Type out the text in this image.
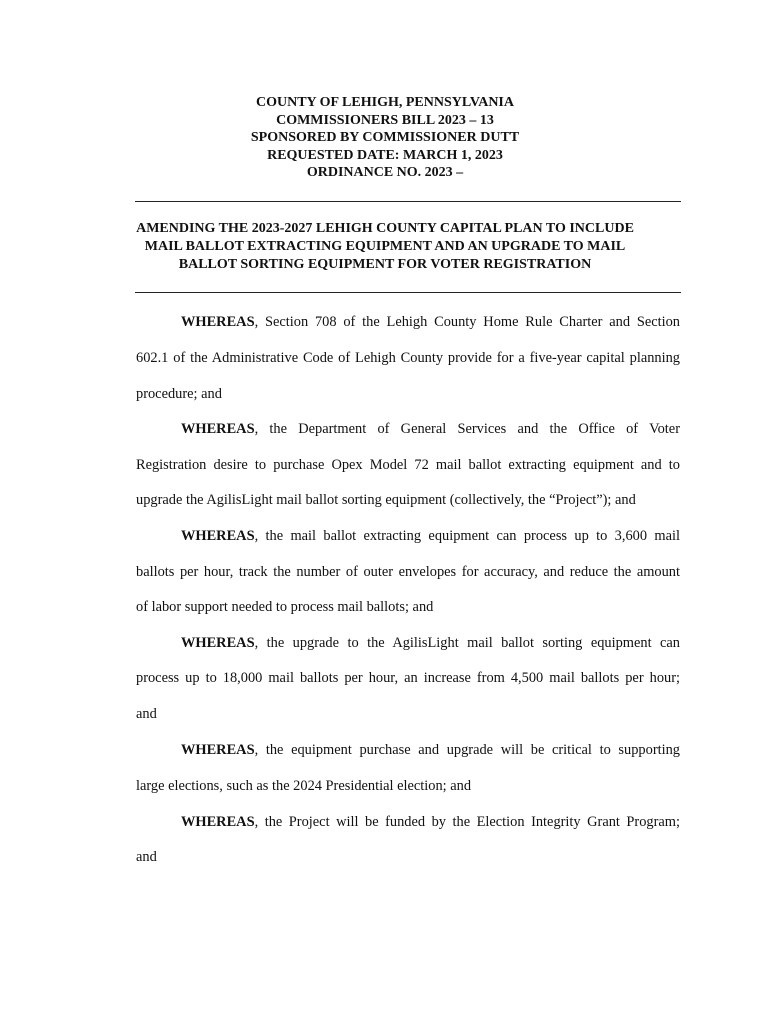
COUNTY OF LEHIGH, PENNSYLVANIA
COMMISSIONERS BILL 2023 – 13
SPONSORED BY COMMISSIONER DUTT
REQUESTED DATE: MARCH 1, 2023
ORDINANCE NO. 2023 –
AMENDING THE 2023-2027 LEHIGH COUNTY CAPITAL PLAN TO INCLUDE
MAIL BALLOT EXTRACTING EQUIPMENT AND AN UPGRADE TO MAIL
BALLOT SORTING EQUIPMENT FOR VOTER REGISTRATION
WHEREAS, Section 708 of the Lehigh County Home Rule Charter and Section
602.1 of the Administrative Code of Lehigh County provide for a five-year capital planning
procedure; and
WHEREAS, the Department of General Services and the Office of Voter
Registration desire to purchase Opex Model 72 mail ballot extracting equipment and to
upgrade the AgilisLight mail ballot sorting equipment (collectively, the “Project”); and
WHEREAS, the mail ballot extracting equipment can process up to 3,600 mail
ballots per hour, track the number of outer envelopes for accuracy, and reduce the amount
of labor support needed to process mail ballots; and
WHEREAS, the upgrade to the AgilisLight mail ballot sorting equipment can
process up to 18,000 mail ballots per hour, an increase from 4,500 mail ballots per hour;
and
WHEREAS, the equipment purchase and upgrade will be critical to supporting
large elections, such as the 2024 Presidential election; and
WHEREAS, the Project will be funded by the Election Integrity Grant Program;
and
